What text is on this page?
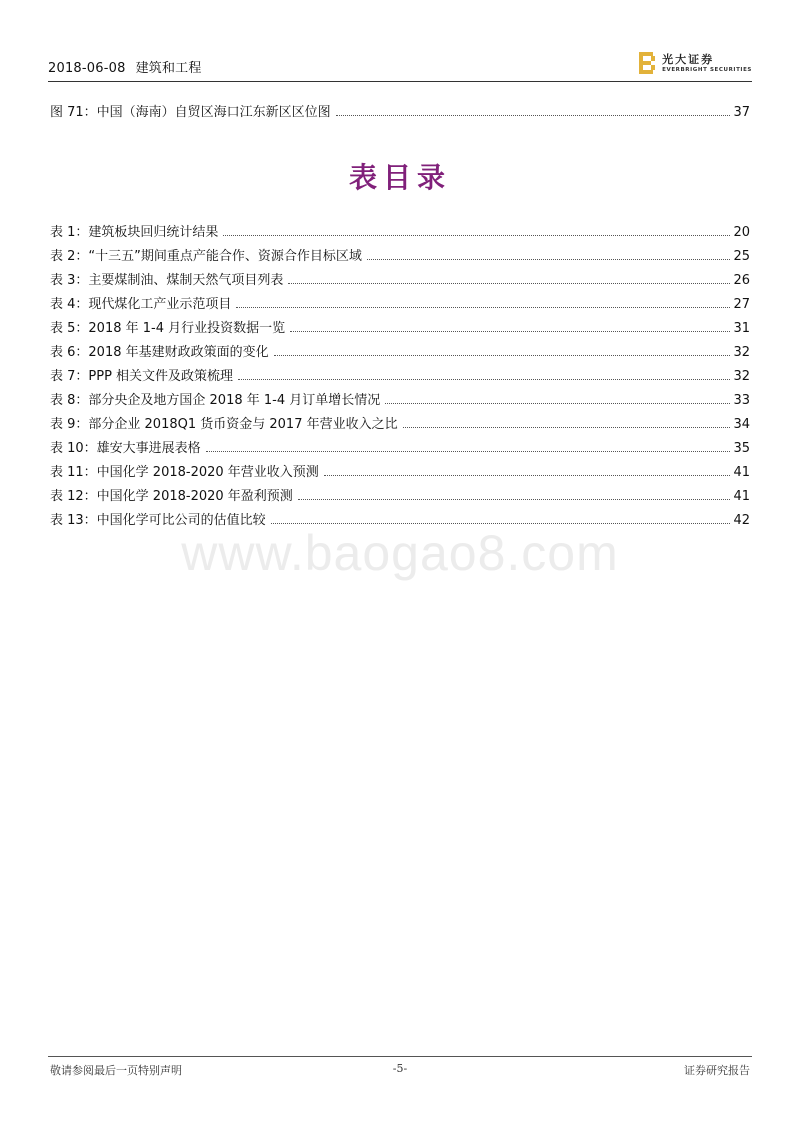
2018-06-08 建筑和工程
光大证券
EVERBRIGHT SECURITIES
图 71：中国（海南）自贸区海口江东新区区位图	37
表目录
表 1：建筑板块回归统计结果	20
表 2：“十三五”期间重点产能合作、资源合作目标区域	25
表 3：主要煤制油、煤制天然气项目列表	26
表 4：现代煤化工产业示范项目	27
表 5：2018 年 1-4 月行业投资数据一览	31
表 6：2018 年基建财政政策面的变化	32
表 7：PPP 相关文件及政策梳理	32
表 8：部分央企及地方国企 2018 年 1-4 月订单增长情况	33
表 9：部分企业 2018Q1 货币资金与 2017 年营业收入之比	34
表 10：雄安大事进展表格	35
表 11：中国化学 2018-2020 年营业收入预测	41
表 12：中国化学 2018-2020 年盈利预测	41
表 13：中国化学可比公司的估值比较	42
www.baogao8.com
敬请参阅最后一页特别声明	-5-	证券研究报告
